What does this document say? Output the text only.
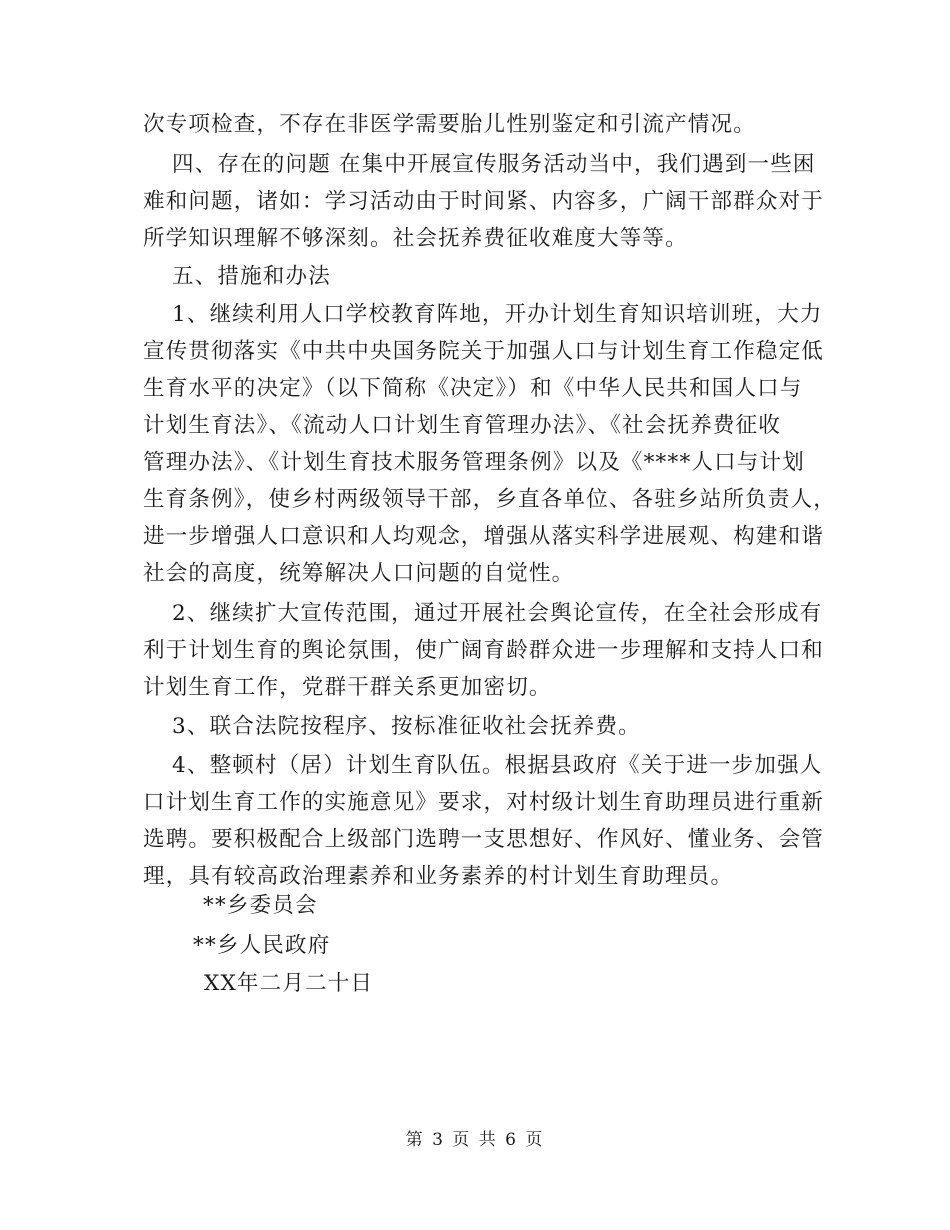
次专项检查，不存在非医学需要胎儿性别鉴定和引流产情况。
四、存在的问题 在集中开展宣传服务活动当中，我们遇到一些困
难和问题，诸如：学习活动由于时间紧、内容多，广阔干部群众对于
所学知识理解不够深刻。社会抚养费征收难度大等等。
五、措施和办法
1、继续利用人口学校教育阵地，开办计划生育知识培训班，大力
宣传贯彻落实《中共中央国务院关于加强人口与计划生育工作稳定低
生育水平的决定》（以下简称《决定》）和《中华人民共和国人口与
计划生育法》、《流动人口计划生育管理办法》、《社会抚养费征收
管理办法》、《计划生育技术服务管理条例》以及《****人口与计划
生育条例》，使乡村两级领导干部，乡直各单位、各驻乡站所负责人，
进一步增强人口意识和人均观念，增强从落实科学进展观、构建和谐
社会的高度，统筹解决人口问题的自觉性。
2、继续扩大宣传范围，通过开展社会舆论宣传，在全社会形成有
利于计划生育的舆论氛围，使广阔育龄群众进一步理解和支持人口和
计划生育工作，党群干群关系更加密切。
3、联合法院按程序、按标准征收社会抚养费。
4、整顿村（居）计划生育队伍。根据县政府《关于进一步加强人
口计划生育工作的实施意见》要求，对村级计划生育助理员进行重新
选聘。要积极配合上级部门选聘一支思想好、作风好、懂业务、会管
理，具有较高政治理素养和业务素养的村计划生育助理员。
**乡委员会
**乡人民政府
XX年二月二十日
第 3 页 共 6 页
